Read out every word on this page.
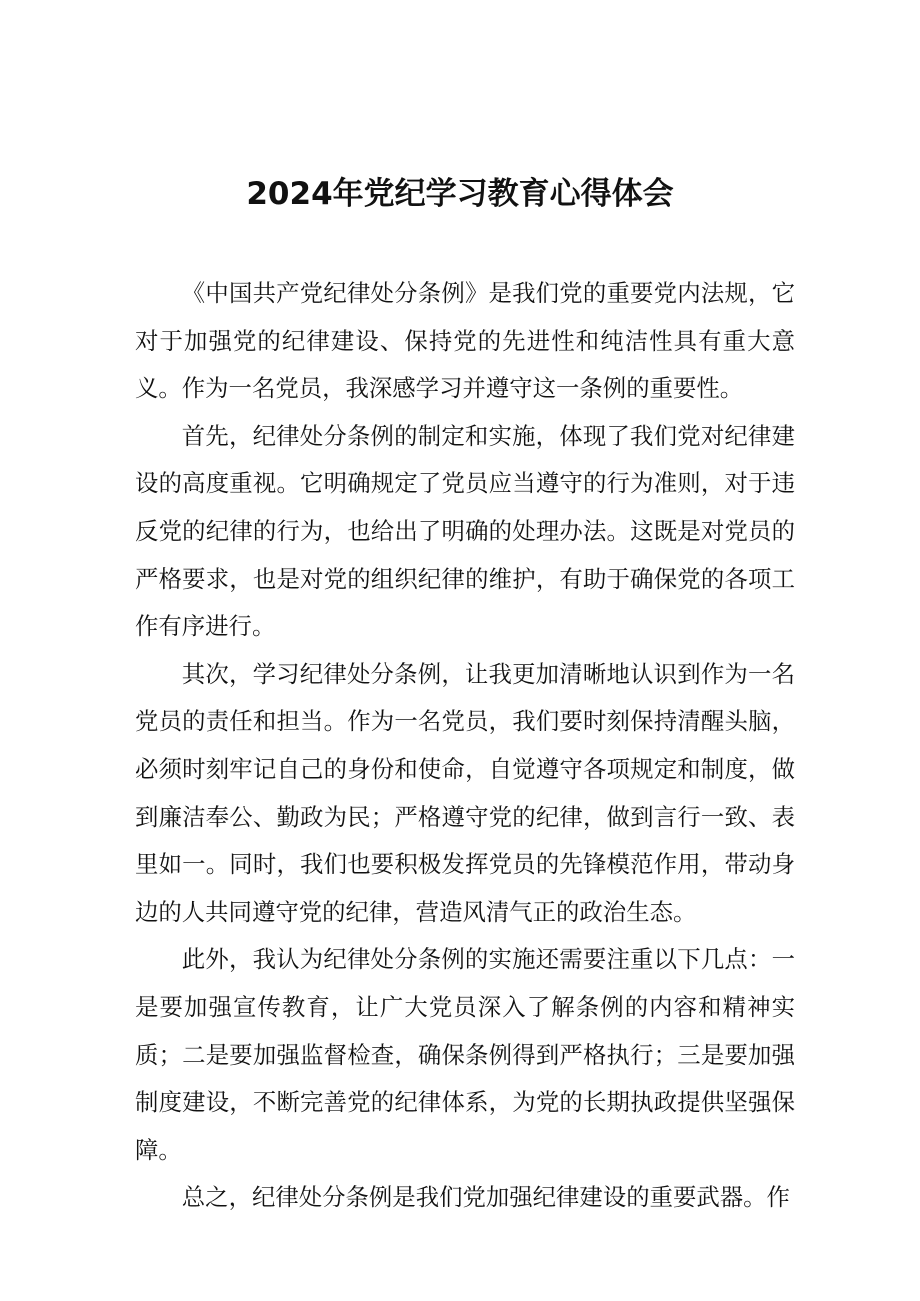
2024年党纪学习教育心得体会

《中国共产党纪律处分条例》是我们党的重要党内法规，它对于加强党的纪律建设、保持党的先进性和纯洁性具有重大意义。作为一名党员，我深感学习并遵守这一条例的重要性。

首先，纪律处分条例的制定和实施，体现了我们党对纪律建设的高度重视。它明确规定了党员应当遵守的行为准则，对于违反党的纪律的行为，也给出了明确的处理办法。这既是对党员的严格要求，也是对党的组织纪律的维护，有助于确保党的各项工作有序进行。

其次，学习纪律处分条例，让我更加清晰地认识到作为一名党员的责任和担当。作为一名党员，我们要时刻保持清醒头脑，必须时刻牢记自己的身份和使命，自觉遵守各项规定和制度，做到廉洁奉公、勤政为民；严格遵守党的纪律，做到言行一致、表里如一。同时，我们也要积极发挥党员的先锋模范作用，带动身边的人共同遵守党的纪律，营造风清气正的政治生态。

此外，我认为纪律处分条例的实施还需要注重以下几点：一是要加强宣传教育，让广大党员深入了解条例的内容和精神实质；二是要加强监督检查，确保条例得到严格执行；三是要加强制度建设，不断完善党的纪律体系，为党的长期执政提供坚强保障。

总之，纪律处分条例是我们党加强纪律建设的重要武器。作
